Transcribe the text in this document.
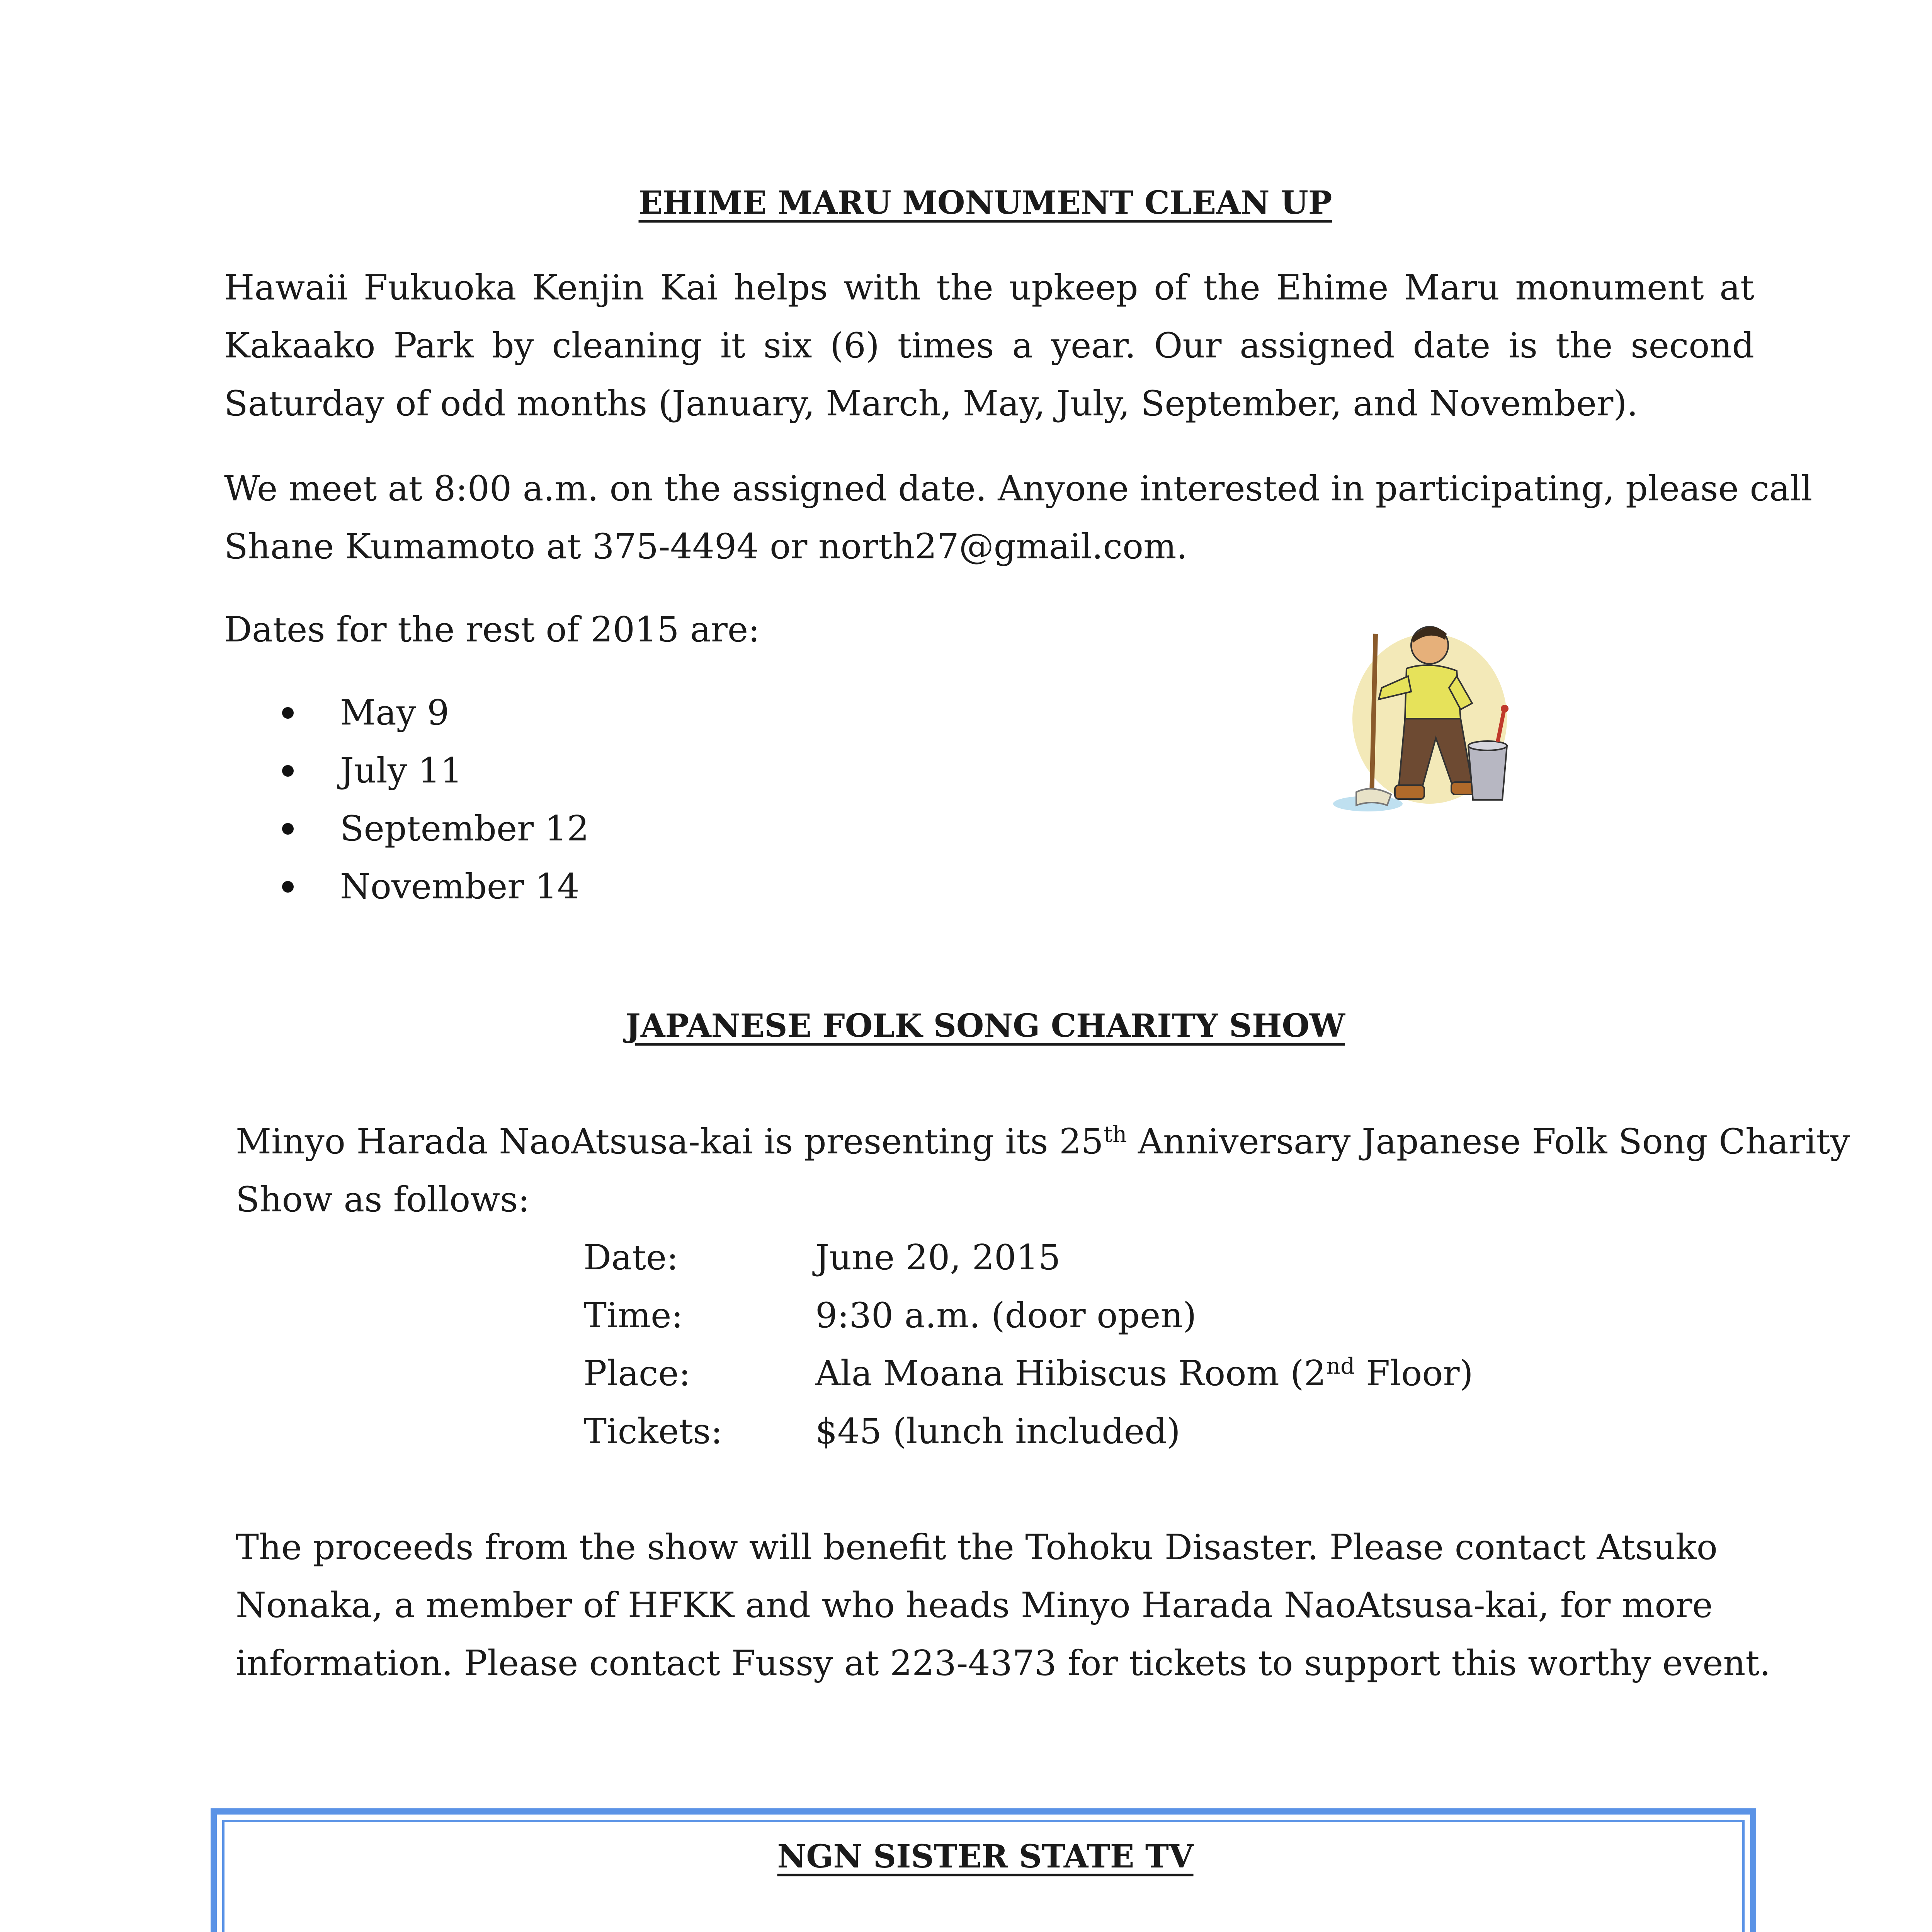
EHIME MARU MONUMENT CLEAN UP

Hawaii Fukuoka Kenjin Kai helps with the upkeep of the Ehime Maru monument at Kakaako Park by cleaning it six (6) times a year. Our assigned date is the second Saturday of odd months (January, March, May, July, September, and November).

We meet at 8:00 a.m. on the assigned date. Anyone interested in participating, please call
Shane Kumamoto at 375-4494 or north27@gmail.com.
Dates for the rest of 2015 are:
May 9
July 11
September 12
November 14
JAPANESE FOLK SONG CHARITY SHOW
Minyo Harada NaoAtsusa-kai is presenting its 25th Anniversary Japanese Folk Song Charity
Show as follows:
Date:	June 20, 2015
Time:	9:30 a.m. (door open)
Place:	Ala Moana Hibiscus Room (2nd Floor)
Tickets:	$45 (lunch included)
The proceeds from the show will benefit the Tohoku Disaster. Please contact Atsuko
Nonaka, a member of HFKK and who heads Minyo Harada NaoAtsusa-kai, for more
information. Please contact Fussy at 223-4373 for tickets to support this worthy event.
NGN SISTER STATE TV
